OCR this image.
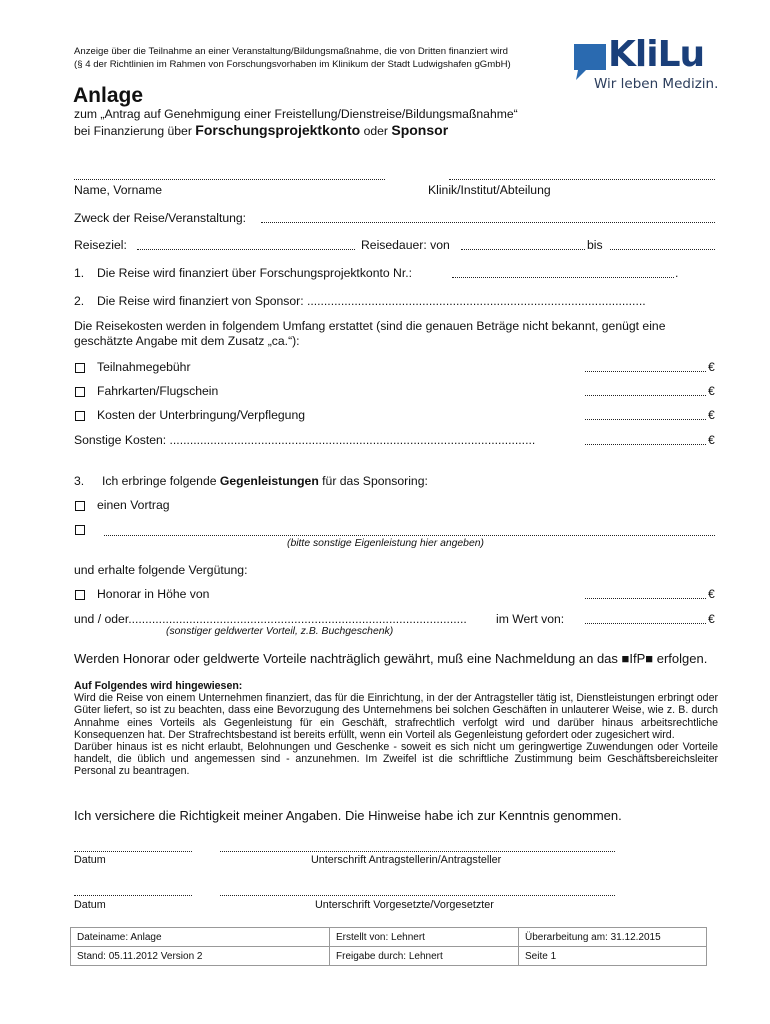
Anzeige über die Teilnahme an einer Veranstaltung/Bildungsmaßnahme, die von Dritten finanziert wird
(§ 4 der Richtlinien im Rahmen von Forschungsvorhaben im Klinikum der Stadt Ludwigshafen gGmbH)	KliLu
Wir leben Medizin.
Anlage
zum „Antrag auf Genehmigung einer Freistellung/Dienstreise/Bildungsmaßnahme“
bei Finanzierung über Forschungsprojektkonto oder Sponsor
Name, Vorname	Klinik/Institut/Abteilung
Zweck der Reise/Veranstaltung:
Reiseziel:	Reisedauer: von	bis
1. Die Reise wird finanziert über Forschungsprojektkonto Nr.:	.
2. Die Reise wird finanziert von Sponsor: ....................................................................................................
Die Reisekosten werden in folgendem Umfang erstattet (sind die genauen Beträge nicht bekannt, genügt eine
geschätzte Angabe mit dem Zusatz „ca.“):
Teilnahmegebühr	€
Fahrkarten/Flugschein	€
Kosten der Unterbringung/Verpflegung	€
Sonstige Kosten: ............................................................................................................	€
3. Ich erbringe folgende Gegenleistungen für das Sponsoring:
einen Vortrag
(bitte sonstige Eigenleistung hier angeben)
und erhalte folgende Vergütung:
Honorar in Höhe von	€
und / oder.................................................................................................... im Wert von:	€
(sonstiger geldwerter Vorteil, z.B. Buchgeschenk)
Werden Honorar oder geldwerte Vorteile nachträglich gewährt, muß eine Nachmeldung an das ■IfP■ erfolgen.

Auf Folgendes wird hingewiesen:

Wird die Reise von einem Unternehmen finanziert, das für die Einrichtung, in der der Antragsteller tätig ist, Dienstleistungen erbringt oder Güter liefert, so ist zu beachten, dass eine Bevorzugung des Unternehmens bei solchen Geschäften in unlauterer Weise, wie z. B. durch Annahme eines Vorteils als Gegenleistung für ein Geschäft, strafrechtlich verfolgt wird und darüber hinaus arbeitsrechtliche Konsequenzen hat. Der Strafrechtsbestand ist bereits erfüllt, wenn ein Vorteil als Gegenleistung gefordert oder zugesichert wird.

Darüber hinaus ist es nicht erlaubt, Belohnungen und Geschenke - soweit es sich nicht um geringwertige Zuwendungen oder Vorteile handelt, die üblich und angemessen sind - anzunehmen. Im Zweifel ist die schriftliche Zustimmung beim Geschäftsbereichsleiter Personal zu beantragen.

Ich versichere die Richtigkeit meiner Angaben. Die Hinweise habe ich zur Kenntnis genommen.
Datum	Unterschrift Antragstellerin/Antragsteller
Datum	Unterschrift Vorgesetzte/Vorgesetzter
Dateiname: Anlage	Erstellt von: Lehnert	Überarbeitung am: 31.12.2015
Stand: 05.11.2012 Version 2	Freigabe durch: Lehnert	Seite 1
